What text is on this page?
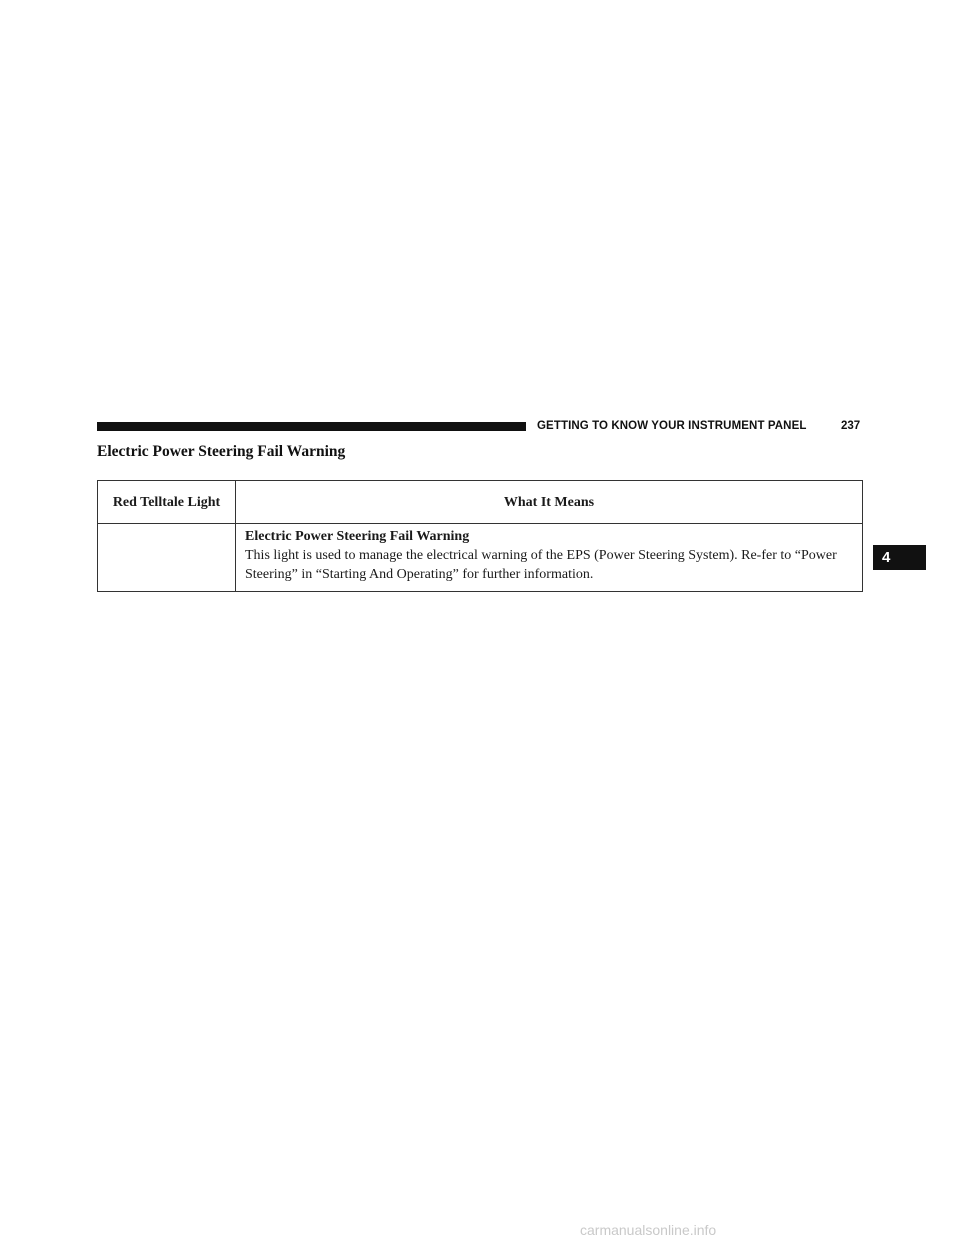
GETTING TO KNOW YOUR INSTRUMENT PANEL	237
Electric Power Steering Fail Warning
Red Telltale Light	What It Means

	Electric Power Steering Fail Warning
This light is used to manage the electrical warning of the EPS (Power Steering System). Re-fer to “Power Steering” in “Starting And Operating” for further information.
4
carmanualsonline.info
